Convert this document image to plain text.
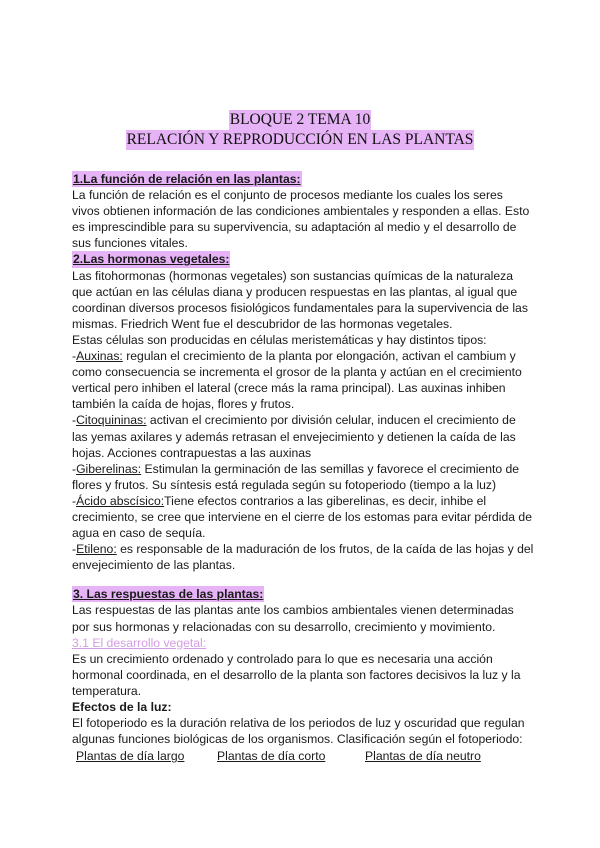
BLOQUE 2 TEMA 10
RELACIÓN Y REPRODUCCIÓN EN LAS PLANTAS
1.La función de relación en las plantas:

La función de relación es el conjunto de procesos mediante los cuales los seres vivos obtienen información de las condiciones ambientales y responden a ellas. Esto es imprescindible para su supervivencia, su adaptación al medio y el desarrollo de sus funciones vitales.

2.Las hormonas vegetales:

Las fitohormonas (hormonas vegetales) son sustancias químicas de la naturaleza que actúan en las células diana y producen respuestas en las plantas, al igual que coordinan diversos procesos fisiológicos fundamentales para la supervivencia de las mismas. Friedrich Went fue el descubridor de las hormonas vegetales.

Estas células son producidas en células meristemáticas y hay distintos tipos:

-Auxinas: regulan el crecimiento de la planta por elongación, activan el cambium y como consecuencia se incrementa el grosor de la planta y actúan en el crecimiento vertical pero inhiben el lateral (crece más la rama principal). Las auxinas inhiben también la caída de hojas, flores y frutos.

-Citoquininas: activan el crecimiento por división celular, inducen el crecimiento de las yemas axilares y además retrasan el envejecimiento y detienen la caída de las hojas. Acciones contrapuestas a las auxinas

-Giberelinas: Estimulan la germinación de las semillas y favorece el crecimiento de flores y frutos. Su síntesis está regulada según su fotoperiodo (tiempo a la luz)

-Ácido abscísico:Tiene efectos contrarios a las giberelinas, es decir, inhibe el crecimiento, se cree que interviene en el cierre de los estomas para evitar pérdida de agua en caso de sequía.

-Etileno: es responsable de la maduración de los frutos, de la caída de las hojas y del envejecimiento de las plantas.

3. Las respuestas de las plantas:

Las respuestas de las plantas ante los cambios ambientales vienen determinadas por sus hormonas y relacionadas con su desarrollo, crecimiento y movimiento.

3.1 El desarrollo vegetal:

Es un crecimiento ordenado y controlado para lo que es necesaria una acción hormonal coordinada, en el desarrollo de la planta son factores decisivos la luz y la temperatura.

Efectos de la luz:

El fotoperiodo es la duración relativa de los periodos de luz y oscuridad que regulan algunas funciones biológicas de los organismos. Clasificación según el fotoperiodo:

Plantas de día largo	Plantas de día corto	Plantas de día neutro
